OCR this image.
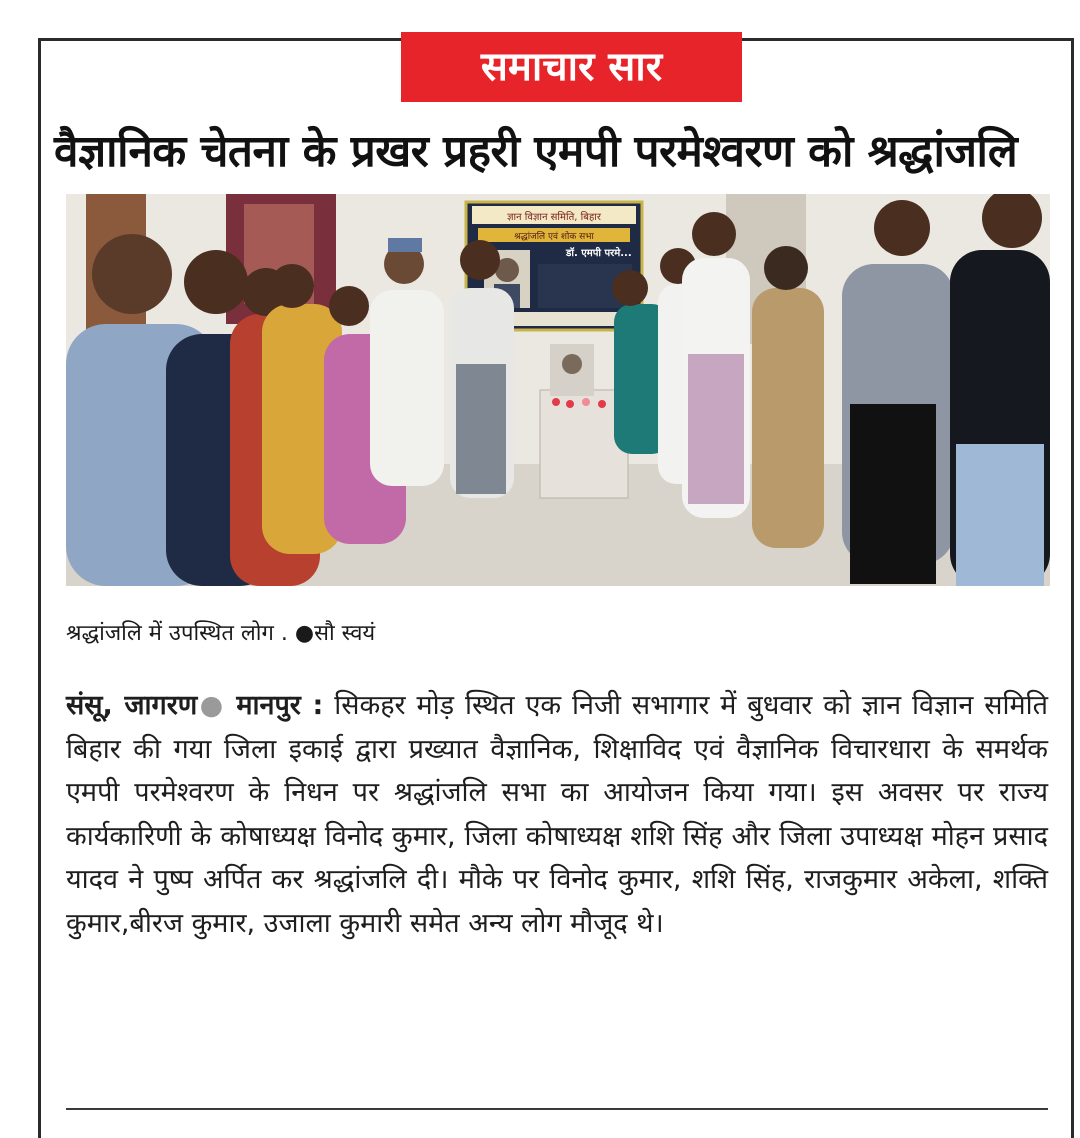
समाचार सार
वैज्ञानिक चेतना के प्रखर प्रहरी एमपी परमेश्वरण को श्रद्धांजलि
ज्ञान विज्ञान समिति, बिहार
श्रद्धांजलि एवं शोक सभा
डॉ. एमपी परमे...
श्रद्धांजलि में उपस्थित लोग . ●सौ स्वयं
संसू, जागरण● मानपुर : सिकहर मोड़ स्थित एक निजी सभागार में बुधवार को ज्ञान विज्ञान समिति बिहार की गया जिला इकाई द्वारा प्रख्यात वैज्ञानिक, शिक्षाविद एवं वैज्ञानिक विचारधारा के समर्थक एमपी परमेश्वरण के निधन पर श्रद्धांजलि सभा का आयोजन किया गया। इस अवसर पर राज्य कार्यकारिणी के कोषाध्यक्ष विनोद कुमार, जिला कोषाध्यक्ष शशि सिंह और जिला उपाध्यक्ष मोहन प्रसाद यादव ने पुष्प अर्पित कर श्रद्धांजलि दी। मौके पर विनोद कुमार, शशि सिंह, राजकुमार अकेला, शक्ति कुमार,बीरज कुमार, उजाला कुमारी समेत अन्य लोग मौजूद थे।
